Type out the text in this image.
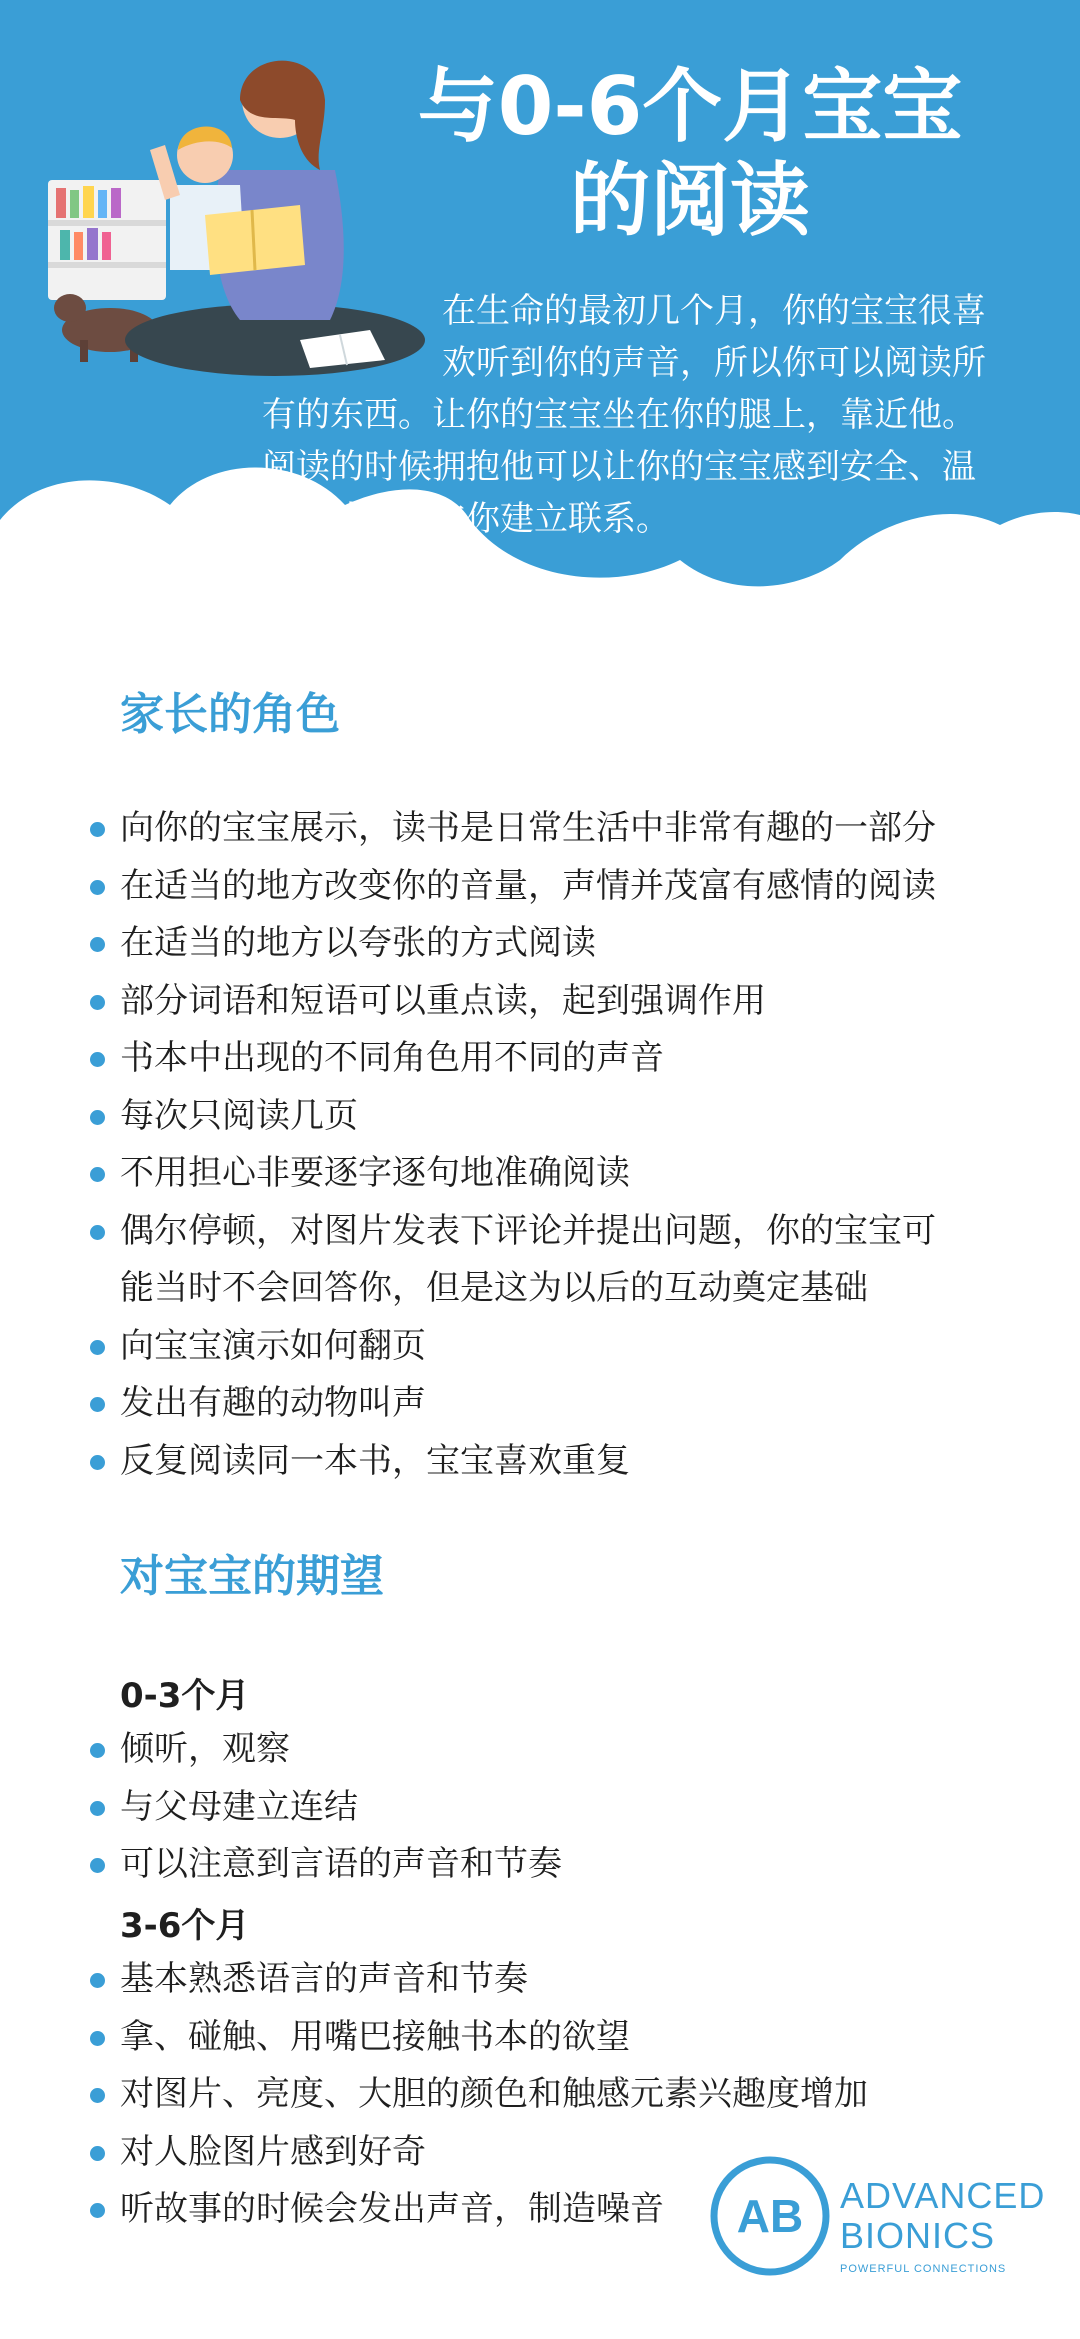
与0-6个月宝宝
的阅读
在生命的最初几个月，你的宝宝很喜
欢听到你的声音，所以你可以阅读所
有的东西。让你的宝宝坐在你的腿上，靠近他。
阅读的时候拥抱他可以让你的宝宝感到安全、温
暖，感到在与你建立联系。
家长的角色
向你的宝宝展示，读书是日常生活中非常有趣的一部分
在适当的地方改变你的音量，声情并茂富有感情的阅读
在适当的地方以夸张的方式阅读
部分词语和短语可以重点读，起到强调作用
书本中出现的不同角色用不同的声音
每次只阅读几页
不用担心非要逐字逐句地准确阅读
偶尔停顿，对图片发表下评论并提出问题，你的宝宝可
能当时不会回答你，但是这为以后的互动奠定基础
向宝宝演示如何翻页
发出有趣的动物叫声
反复阅读同一本书，宝宝喜欢重复
对宝宝的期望
0-3个月
倾听，观察
与父母建立连结
可以注意到言语的声音和节奏
3-6个月
基本熟悉语言的声音和节奏
拿、碰触、用嘴巴接触书本的欲望
对图片、亮度、大胆的颜色和触感元素兴趣度增加
对人脸图片感到好奇
听故事的时候会发出声音，制造噪音	AB ADVANCED
BIONICS
POWERFUL CONNECTIONS
